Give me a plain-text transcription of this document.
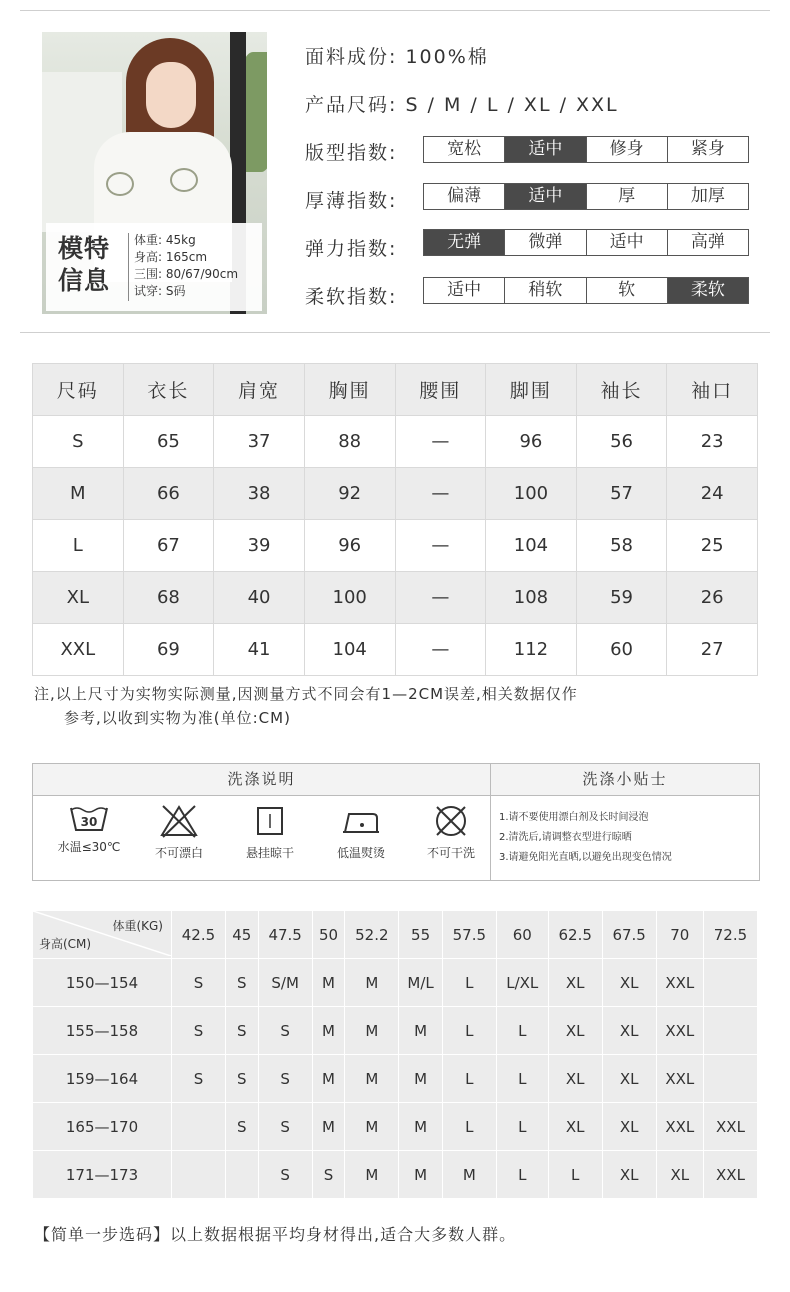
模特
信息
体重: 45kg
身高: 165cm
三围: 80/67/90cm
试穿: S码
面料成份: 100%棉
产品尺码: S / M / L / XL / XXL
版型指数:	宽松	适中	修身	紧身
厚薄指数:	偏薄	适中	厚	加厚
弹力指数:	无弹	微弹	适中	高弹
柔软指数:	适中	稍软	软	柔软
尺码	衣长	肩宽	胸围	腰围	脚围	袖长	袖口
S	65	37	88	—	96	56	23
M	66	38	92	—	100	57	24
L	67	39	96	—	104	58	25
XL	68	40	100	—	108	59	26
XXL	69	41	104	—	112	60	27
注,以上尺寸为实物实际测量,因测量方式不同会有1—2CM误差,相关数据仅作
参考,以收到实物为准(单位:CM)
洗涤说明	洗涤小贴士
30
水温≤30℃	不可漂白	悬挂晾干	低温熨烫	不可干洗
1.请不要使用漂白剂及长时间浸泡
2.清洗后,请调整衣型进行晾晒
3.请避免阳光直晒,以避免出现变色情况
体重(KG)
身高(CM)	42.5	45	47.5	50	52.2	55	57.5	60	62.5	67.5	70	72.5
150—154	S	S	S/M	M	M	M/L	L	L/XL	XL	XL	XXL	
155—158	S	S	S	M	M	M	L	L	XL	XL	XXL	
159—164	S	S	S	M	M	M	L	L	XL	XL	XXL	
165—170		S	S	M	M	M	L	L	XL	XL	XXL	XXL
171—173			S	S	M	M	M	L	L	XL	XL	XXL
【简单一步选码】以上数据根据平均身材得出,适合大多数人群。
